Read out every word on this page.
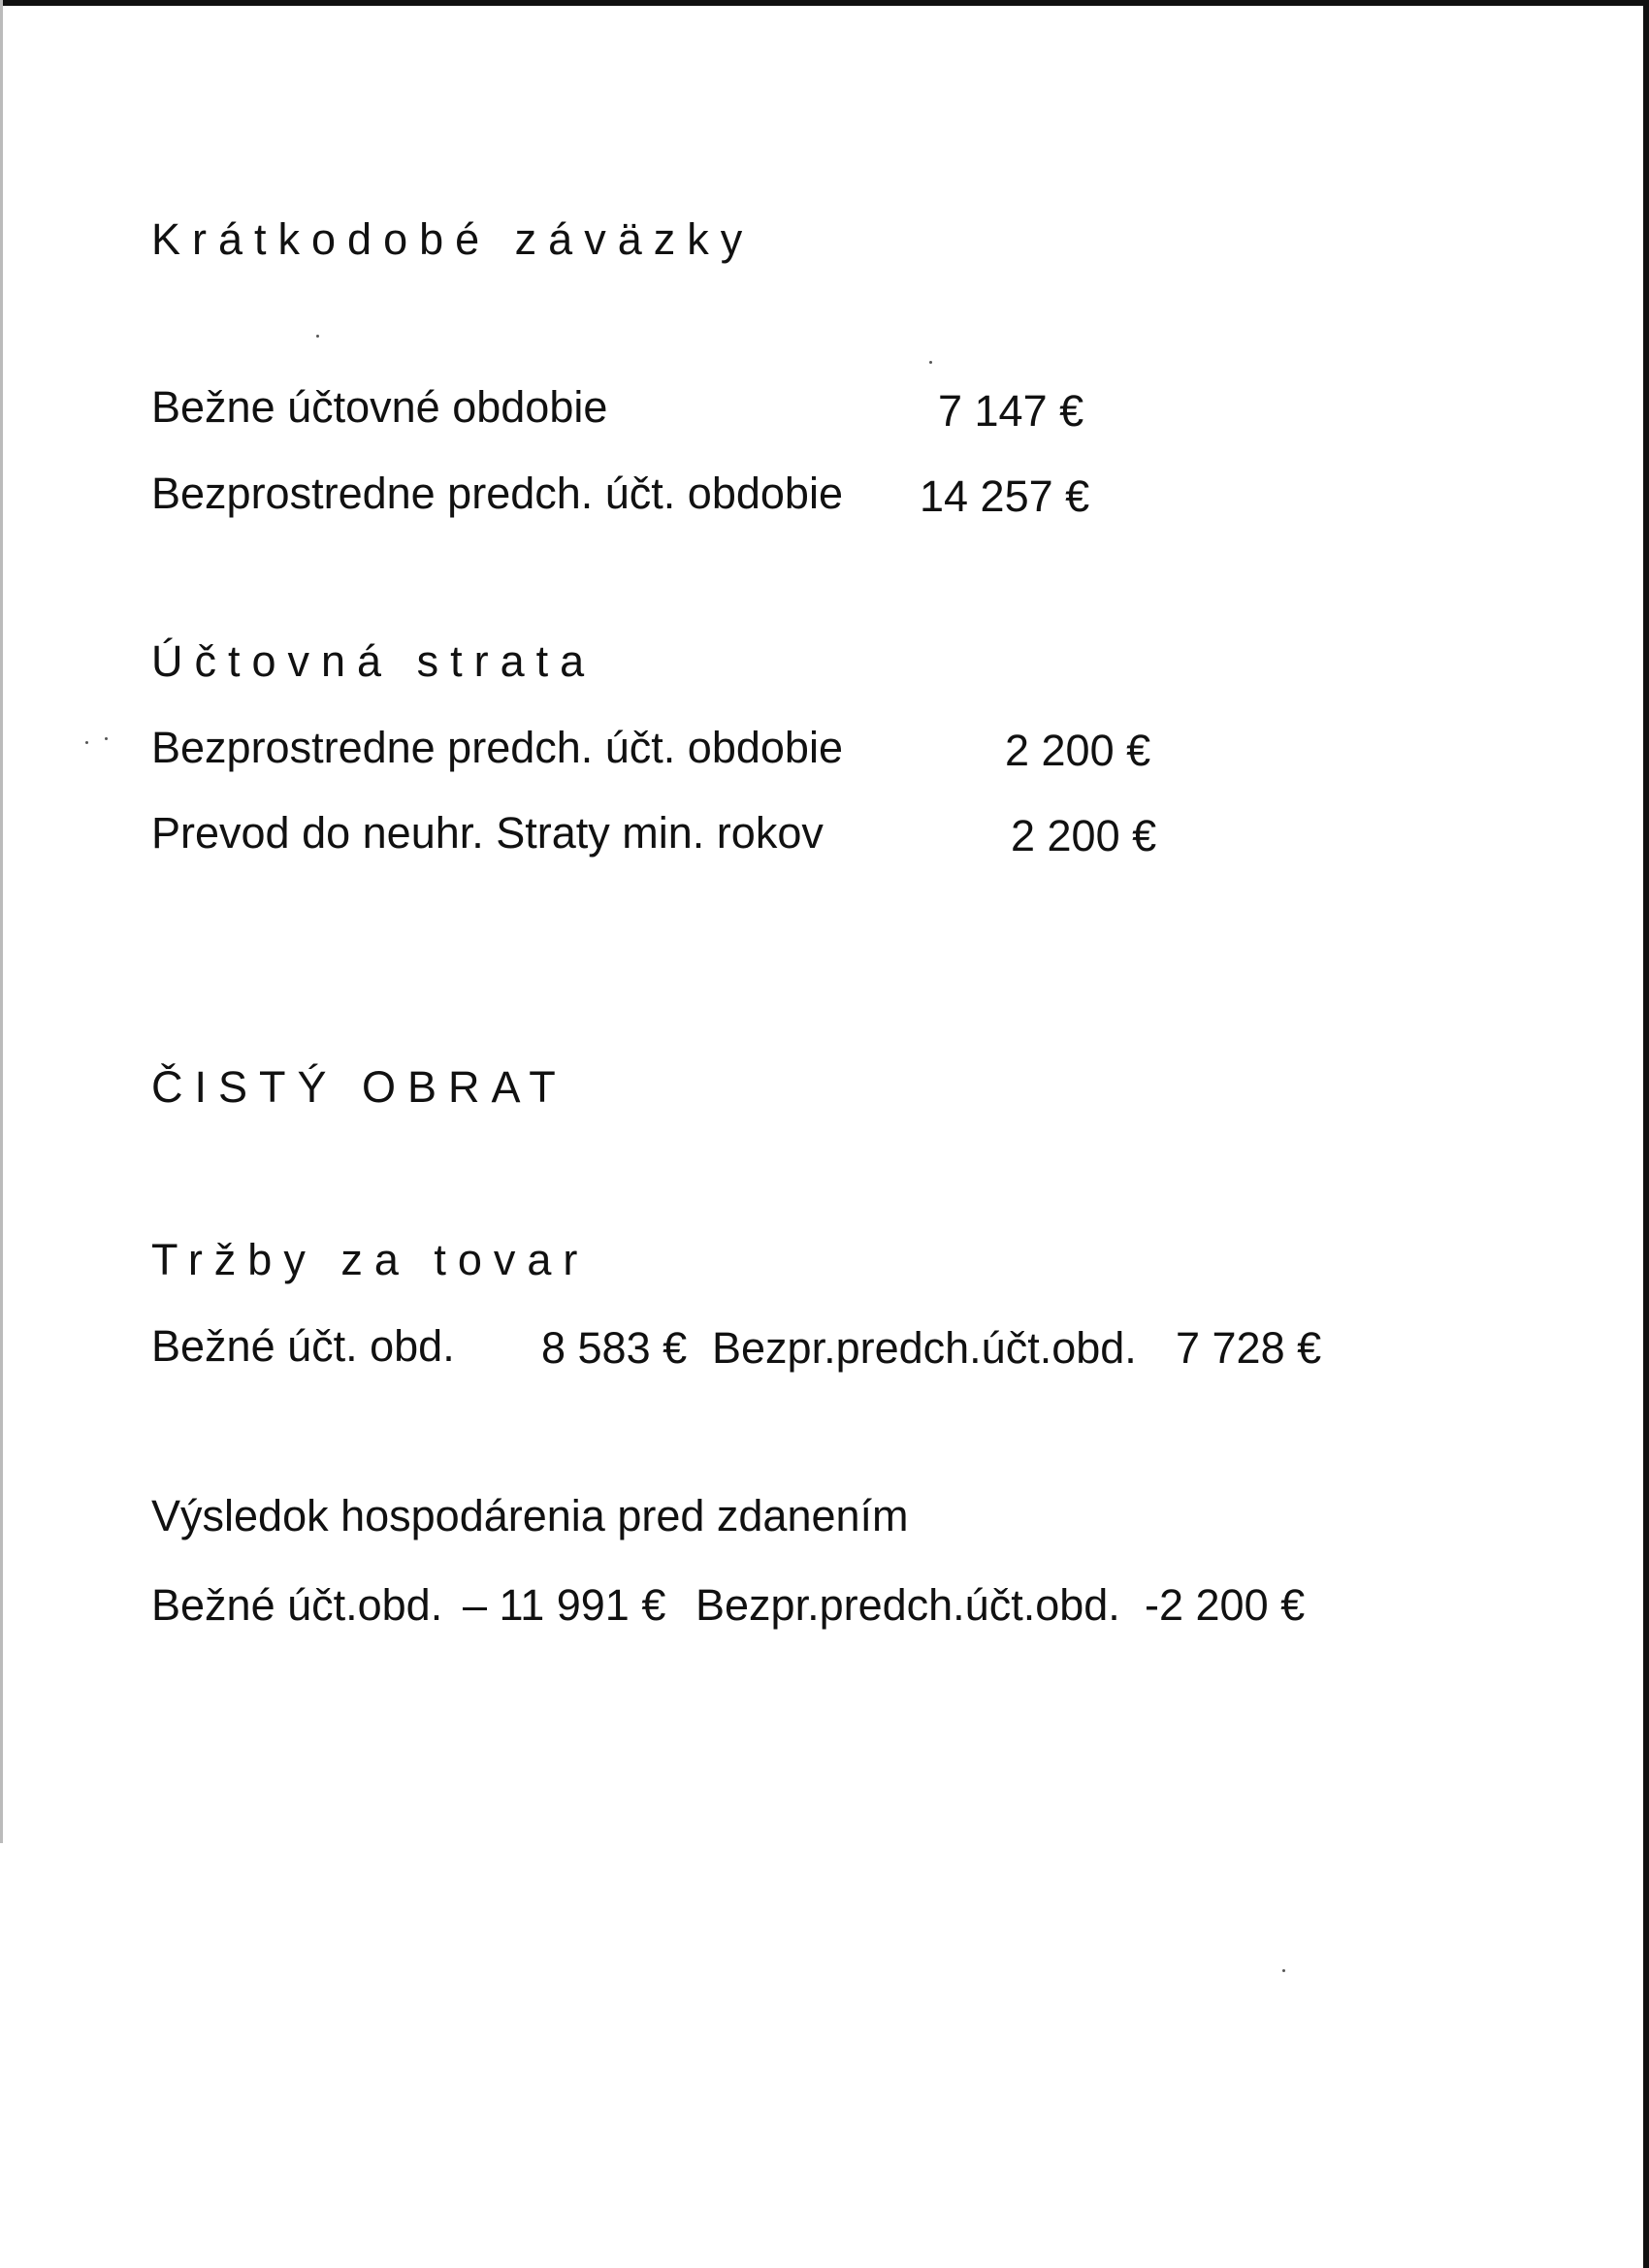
Krátkodobé záväzky
Bežne účtovné obdobie	7 147 €
Bezprostredne predch. účt. obdobie 14 257 €
Účtovná strata
Bezprostredne predch. účt. obdobie	2 200 €
Prevod do neuhr. Straty min. rokov	2 200 €
ČISTÝ OBRAT
Tržby za tovar
Bežné účt. obd. 8 583 € Bezpr.predch.účt.obd. 7 728 €
Výsledok hospodárenia pred zdanením
Bežné účt.obd. – 11 991 € Bezpr.predch.účt.obd. -2 200 €
